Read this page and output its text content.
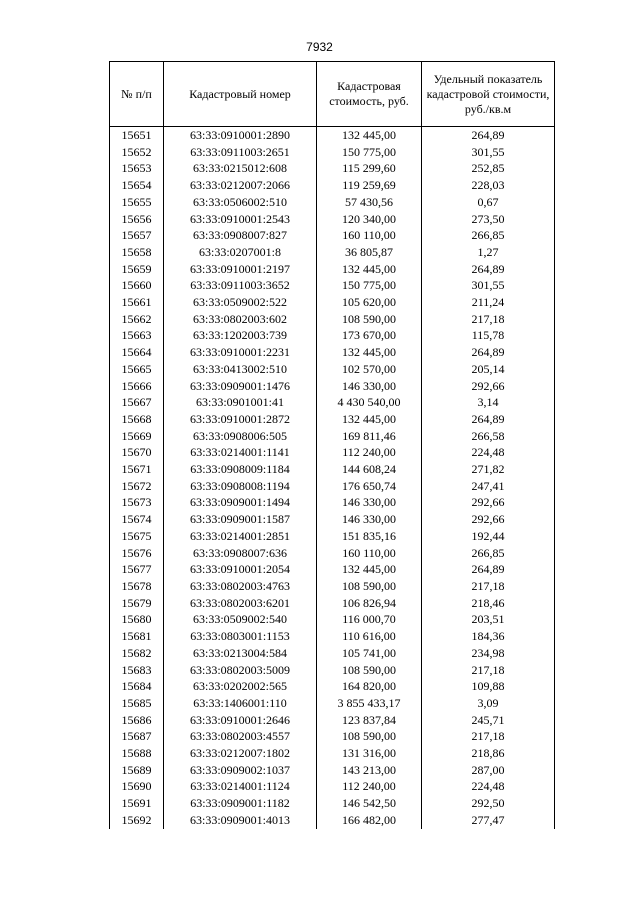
7932
№ п/п	Кадастровый номер	Кадастровая стоимость, руб.	Удельный показатель кадастровой стоимости, руб./кв.м
15651	63:33:0910001:2890	132 445,00	264,89
15652	63:33:0911003:2651	150 775,00	301,55
15653	63:33:0215012:608	115 299,60	252,85
15654	63:33:0212007:2066	119 259,69	228,03
15655	63:33:0506002:510	57 430,56	0,67
15656	63:33:0910001:2543	120 340,00	273,50
15657	63:33:0908007:827	160 110,00	266,85
15658	63:33:0207001:8	36 805,87	1,27
15659	63:33:0910001:2197	132 445,00	264,89
15660	63:33:0911003:3652	150 775,00	301,55
15661	63:33:0509002:522	105 620,00	211,24
15662	63:33:0802003:602	108 590,00	217,18
15663	63:33:1202003:739	173 670,00	115,78
15664	63:33:0910001:2231	132 445,00	264,89
15665	63:33:0413002:510	102 570,00	205,14
15666	63:33:0909001:1476	146 330,00	292,66
15667	63:33:0901001:41	4 430 540,00	3,14
15668	63:33:0910001:2872	132 445,00	264,89
15669	63:33:0908006:505	169 811,46	266,58
15670	63:33:0214001:1141	112 240,00	224,48
15671	63:33:0908009:1184	144 608,24	271,82
15672	63:33:0908008:1194	176 650,74	247,41
15673	63:33:0909001:1494	146 330,00	292,66
15674	63:33:0909001:1587	146 330,00	292,66
15675	63:33:0214001:2851	151 835,16	192,44
15676	63:33:0908007:636	160 110,00	266,85
15677	63:33:0910001:2054	132 445,00	264,89
15678	63:33:0802003:4763	108 590,00	217,18
15679	63:33:0802003:6201	106 826,94	218,46
15680	63:33:0509002:540	116 000,70	203,51
15681	63:33:0803001:1153	110 616,00	184,36
15682	63:33:0213004:584	105 741,00	234,98
15683	63:33:0802003:5009	108 590,00	217,18
15684	63:33:0202002:565	164 820,00	109,88
15685	63:33:1406001:110	3 855 433,17	3,09
15686	63:33:0910001:2646	123 837,84	245,71
15687	63:33:0802003:4557	108 590,00	217,18
15688	63:33:0212007:1802	131 316,00	218,86
15689	63:33:0909002:1037	143 213,00	287,00
15690	63:33:0214001:1124	112 240,00	224,48
15691	63:33:0909001:1182	146 542,50	292,50
15692	63:33:0909001:4013	166 482,00	277,47
